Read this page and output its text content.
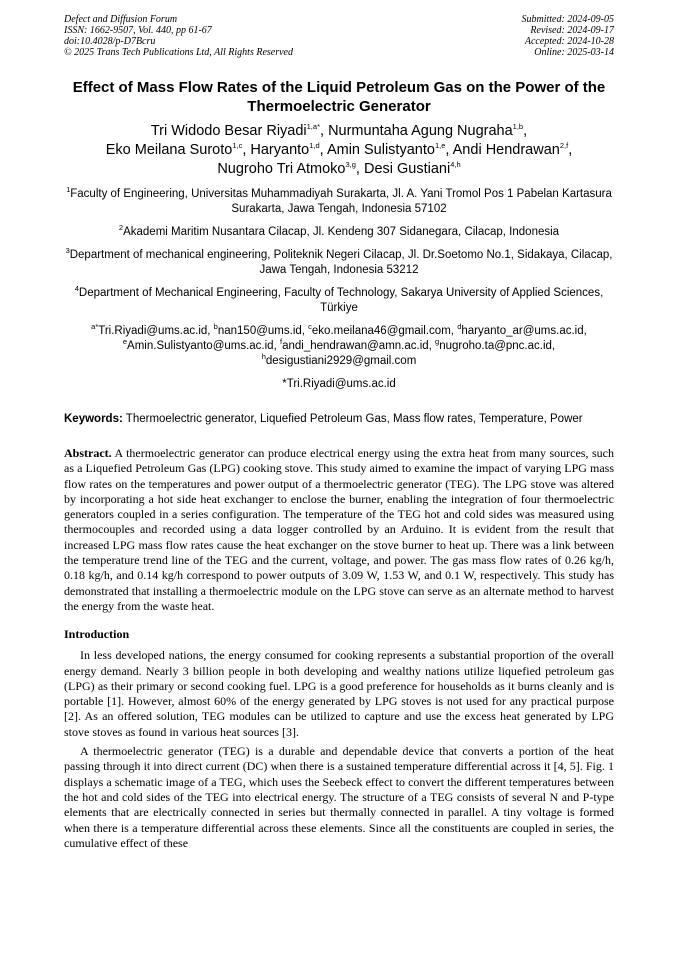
Defect and Diffusion Forum
ISSN: 1662-9507, Vol. 440, pp 61-67
doi:10.4028/p-D7Bcru
© 2025 Trans Tech Publications Ltd, All Rights Reserved
Submitted: 2024-09-05
Revised: 2024-09-17
Accepted: 2024-10-28
Online: 2025-03-14
Effect of Mass Flow Rates of the Liquid Petroleum Gas on the Power of the Thermoelectric Generator
Tri Widodo Besar Riyadi$^{1,a*}$, Nurmuntaha Agung Nugraha$^{1,b}$,
Eko Meilana Suroto$^{1,c}$, Haryanto$^{1,d}$, Amin Sulistyanto$^{1,e}$, Andi Hendrawan$^{2,f}$,
Nugroho Tri Atmoko$^{3,g}$, Desi Gustiani$^{4,h}$
$^1$Faculty of Engineering, Universitas Muhammadiyah Surakarta, Jl. A. Yani Tromol Pos 1 Pabelan Kartasura Surakarta, Jawa Tengah, Indonesia 57102
$^2$Akademi Maritim Nusantara Cilacap, Jl. Kendeng 307 Sidanegara, Cilacap, Indonesia
$^3$Department of mechanical engineering, Politeknik Negeri Cilacap, Jl. Dr.Soetomo No.1, Sidakaya, Cilacap, Jawa Tengah, Indonesia 53212
$^4$Department of Mechanical Engineering, Faculty of Technology, Sakarya University of Applied Sciences, Türkiye
$^{a*}$Tri.Riyadi@ums.ac.id, $^b$nan150@ums.id, $^c$eko.meilana46@gmail.com, $^d$haryanto_ar@ums.ac.id,
$^e$Amin.Sulistyanto@ums.ac.id, $^f$andi_hendrawan@amn.ac.id, $^g$nugroho.ta@pnc.ac.id,
$^h$desigustiani2929@gmail.com
*Tri.Riyadi@ums.ac.id
Keywords: Thermoelectric generator, Liquefied Petroleum Gas, Mass flow rates, Temperature, Power
Abstract. A thermoelectric generator can produce electrical energy using the extra heat from many sources, such as a Liquefied Petroleum Gas (LPG) cooking stove. This study aimed to examine the impact of varying LPG mass flow rates on the temperatures and power output of a thermoelectric generator (TEG). The LPG stove was altered by incorporating a hot side heat exchanger to enclose the burner, enabling the integration of four thermoelectric generators coupled in a series configuration. The temperature of the TEG hot and cold sides was measured using thermocouples and recorded using a data logger controlled by an Arduino. It is evident from the result that increased LPG mass flow rates cause the heat exchanger on the stove burner to heat up. There was a link between the temperature trend line of the TEG and the current, voltage, and power. The gas mass flow rates of 0.26 kg/h, 0.18 kg/h, and 0.14 kg/h correspond to power outputs of 3.09 W, 1.53 W, and 0.1 W, respectively. This study has demonstrated that installing a thermoelectric module on the LPG stove can serve as an alternate method to harvest the energy from the waste heat.
Introduction
In less developed nations, the energy consumed for cooking represents a substantial proportion of the overall energy demand. Nearly 3 billion people in both developing and wealthy nations utilize liquefied petroleum gas (LPG) as their primary or second cooking fuel. LPG is a good preference for households as it burns cleanly and is portable [1]. However, almost 60% of the energy generated by LPG stoves is not used for any practical purpose [2]. As an offered solution, TEG modules can be utilized to capture and use the excess heat generated by LPG stove stoves as found in various heat sources [3].
A thermoelectric generator (TEG) is a durable and dependable device that converts a portion of the heat passing through it into direct current (DC) when there is a sustained temperature differential across it [4, 5]. Fig. 1 displays a schematic image of a TEG, which uses the Seebeck effect to convert the different temperatures between the hot and cold sides of the TEG into electrical energy. The structure of a TEG consists of several N and P-type elements that are electrically connected in series but thermally connected in parallel. A tiny voltage is formed when there is a temperature differential across these elements. Since all the constituents are coupled in series, the cumulative effect of these
